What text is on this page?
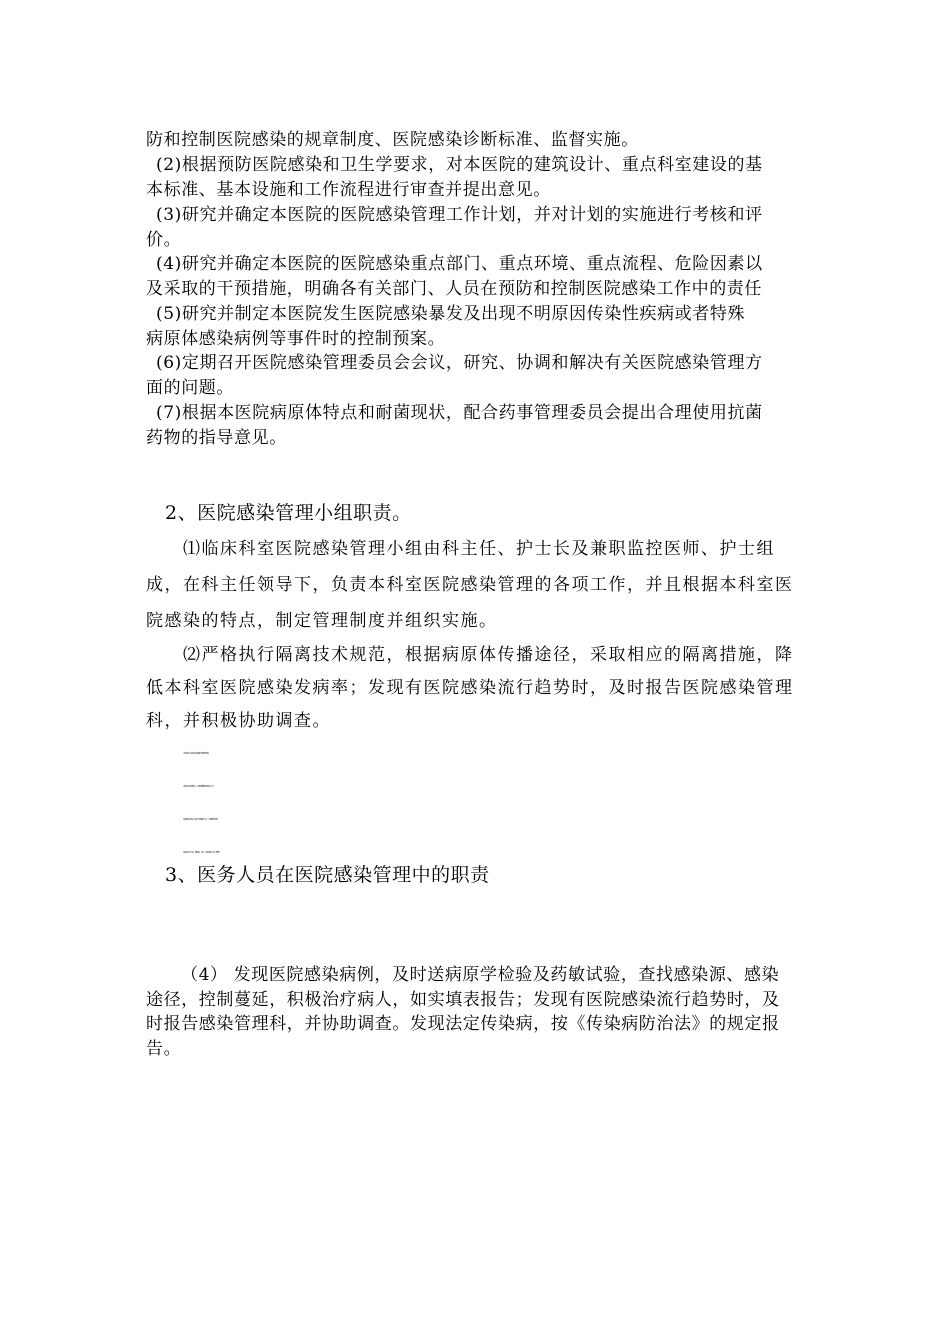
防和控制医院感染的规章制度、医院感染诊断标准、监督实施。
(2)根据预防医院感染和卫生学要求，对本医院的建筑设计、重点科室建设的基
本标准、基本设施和工作流程进行审查并提出意见。
(3)研究并确定本医院的医院感染管理工作计划，并对计划的实施进行考核和评
价。
(4)研究并确定本医院的医院感染重点部门、重点环境、重点流程、危险因素以
及采取的干预措施，明确各有关部门、人员在预防和控制医院感染工作中的责任
(5)研究并制定本医院发生医院感染暴发及出现不明原因传染性疾病或者特殊
病原体感染病例等事件时的控制预案。
(6)定期召开医院感染管理委员会会议，研究、协调和解决有关医院感染管理方
面的问题。
(7)根据本医院病原体特点和耐菌现状，配合药事管理委员会提出合理使用抗菌
药物的指导意见。
2、医院感染管理小组职责。
⑴临床科室医院感染管理小组由科主任、护士长及兼职监控医师、护士组
成，在科主任领导下，负责本科室医院感染管理的各项工作，并且根据本科室医
院感染的特点，制定管理制度并组织实施。
⑵严格执行隔离技术规范，根据病原体传播途径，采取相应的隔离措施，降
低本科室医院感染发病率；发现有医院感染流行趋势时，及时报告医院感染管理
科，并积极协助调查。
⑶监督检查本科室抗感染药物使用情况。
⑷组织本科室预防、控制医院感染知识的学习。
⑸督促本科室人员执行无菌操作技术、消毒隔离制度。
⑹做好对卫生员、配膳员、陪住、探视者的卫生学管理。
3、医务人员在医院感染管理中的职责
（4） 发现医院感染病例，及时送病原学检验及药敏试验，查找感染源、感染
途径，控制蔓延，积极治疗病人，如实填表报告；发现有医院感染流行趋势时，及
时报告感染管理科，并协助调查。发现法定传染病，按《传染病防治法》的规定报
告。
